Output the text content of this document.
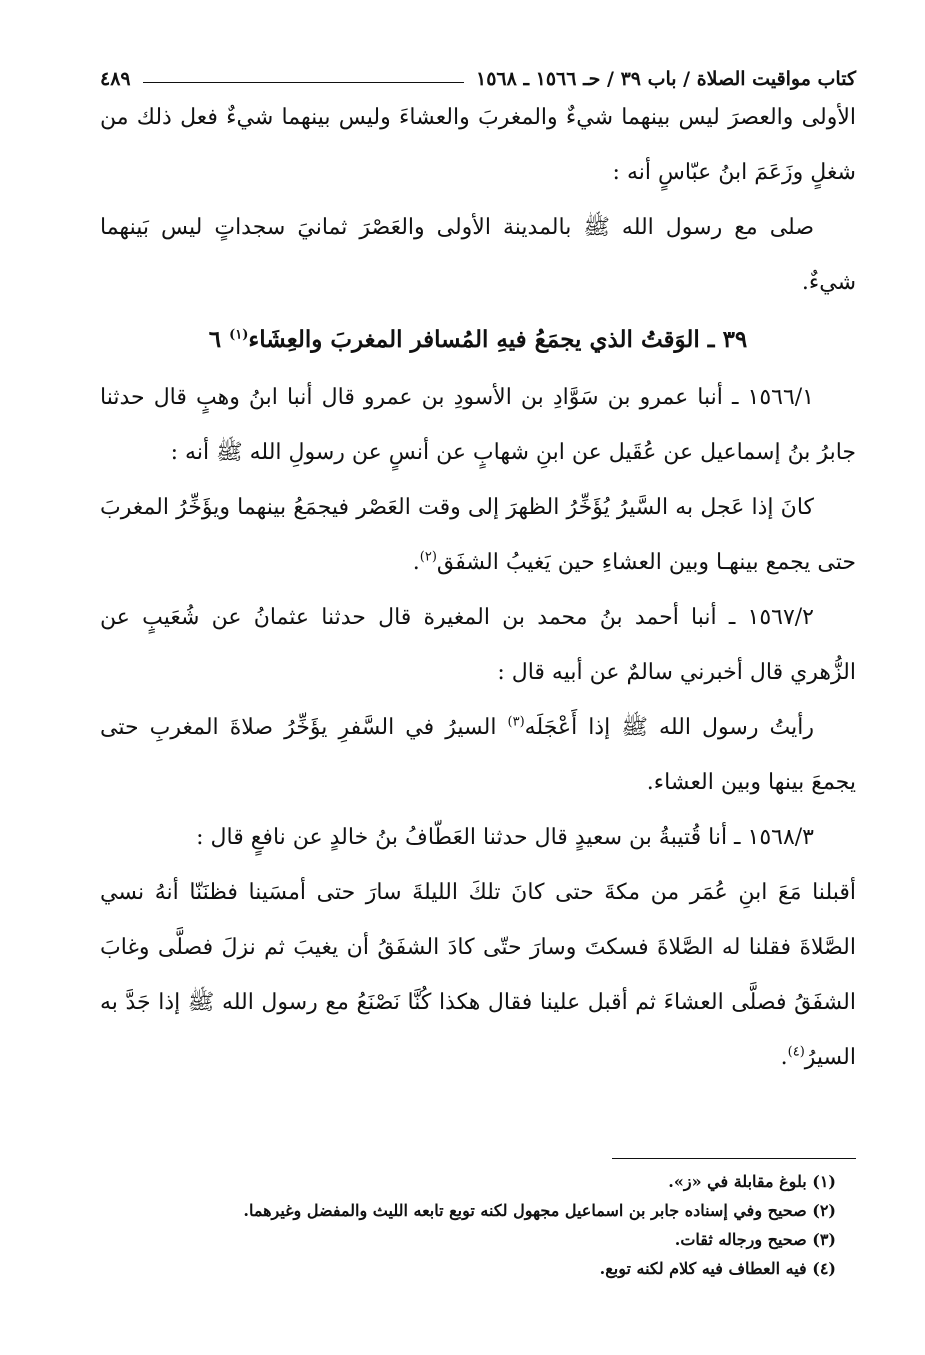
كتاب مواقيت الصلاة / باب ٣٩ / حـ ١٥٦٦ ـ ١٥٦٨
٤٨٩

الأولى والعصرَ ليس بينهما شيءٌ والمغربَ والعشاءَ وليس بينهما شيءٌ فعل ذلك من شغلٍ وزَعَمَ ابنُ عبّاسٍ أنه :

صلى مع رسول الله ﷺ بالمدينة الأولى والعَصْرَ ثمانيَ سجداتٍ ليس بَينهما شيءٌ.

٣٩ ـ الوَقتُ الذي يجمَعُ فيهِ المُسافر المغربَ والعِشَاء$^{(١)}$ ٦

١٥٦٦/١ ـ أنبا عمرو بن سَوَّادِ بن الأسودِ بن عمرو قال أنبا ابنُ وهبٍ قال حدثنا جابرُ بنُ إسماعيل عن عُقَيل عن ابنِ شهابٍ عن أنسٍ عن رسولِ الله ﷺ أنه :

كانَ إذا عَجل به السَّيرُ يُؤَخِّرُ الظهرَ إلى وقت العَصْر فيجمَعُ بينهما ويؤَخِّرُ المغربَ حتى يجمع بينهـا وبين العشاءِ حين يَغيبُ الشفَق$^{(٢)}$.

١٥٦٧/٢ ـ أنبا أحمد بنُ محمد بن المغيرة قال حدثنا عثمانُ عن شُعَيبٍ عن الزُّهري قال أخبرني سالمٌ عن أبيه قال :

رأيتُ رسول الله ﷺ إذا أَعْجَلَه$^{(٣)}$ السيرُ في السَّفرِ يؤَخِّرُ صلاةَ المغربِ حتى يجمعَ بينها وبين العشاء.

١٥٦٨/٣ ـ أنا قُتيبةُ بن سعيدٍ قال حدثنا العَطّافُ بنُ خالدٍ عن نافعٍ قال :

أقبلنا مَعَ ابنِ عُمَر من مكةَ حتى كانَ تلكَ الليلةَ سارَ حتى أمسَينا فظنَنّا أنهُ نسي الصَّلاةَ فقلنا له الصَّلاةَ فسكتَ وسارَ حتّى كادَ الشفَقُ أن يغيبَ ثم نزلَ فصلَّى وغابَ الشفَقُ فصلَّى العشاءَ ثم أقبل علينا فقال هكذا كُنَّا نَصْنَعُ مع رسول الله ﷺ إذا جَدَّ به السيرُ$^{(٤)}$.

(١) بلوغ مقابلة في «ز».

(٢) صحيح وفي إسناده جابر بن اسماعيل مجهول لكنه توبع تابعه الليث والمفضل وغيرهما.

(٣) صحيح ورجاله ثقات.

(٤) فيه العطاف فيه كلام لكنه توبع.
